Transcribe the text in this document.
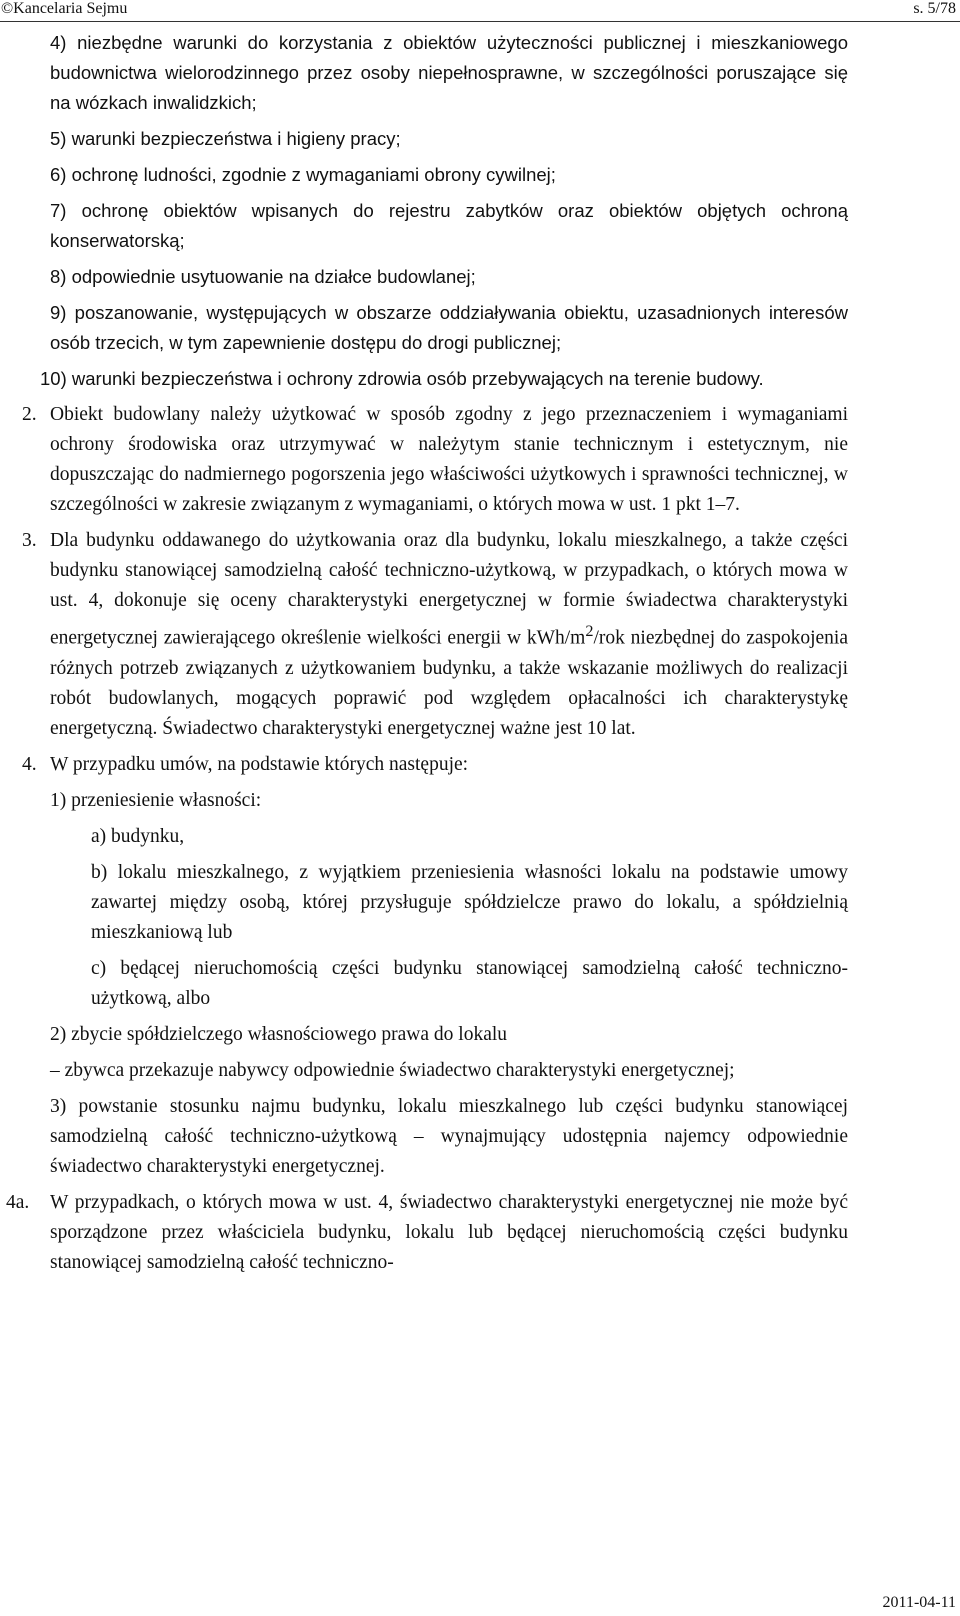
©Kancelaria Sejmu	s. 5/78
4) niezbędne warunki do korzystania z obiektów użyteczności publicznej i mieszkaniowego budownictwa wielorodzinnego przez osoby niepełnosprawne, w szczególności poruszające się na wózkach inwalidzkich;
5) warunki bezpieczeństwa i higieny pracy;
6) ochronę ludności, zgodnie z wymaganiami obrony cywilnej;
7) ochronę obiektów wpisanych do rejestru zabytków oraz obiektów objętych ochroną konserwatorską;
8) odpowiednie usytuowanie na działce budowlanej;
9) poszanowanie, występujących w obszarze oddziaływania obiektu, uzasadnionych interesów osób trzecich, w tym zapewnienie dostępu do drogi publicznej;
10) warunki bezpieczeństwa i ochrony zdrowia osób przebywających na terenie budowy.
2. Obiekt budowlany należy użytkować w sposób zgodny z jego przeznaczeniem i wymaganiami ochrony środowiska oraz utrzymywać w należytym stanie technicznym i estetycznym, nie dopuszczając do nadmiernego pogorszenia jego właściwości użytkowych i sprawności technicznej, w szczególności w zakresie związanym z wymaganiami, o których mowa w ust. 1 pkt 1–7.
3. Dla budynku oddawanego do użytkowania oraz dla budynku, lokalu mieszkalnego, a także części budynku stanowiącej samodzielną całość techniczno-użytkową, w przypadkach, o których mowa w ust. 4, dokonuje się oceny charakterystyki energetycznej w formie świadectwa charakterystyki energetycznej zawierającego określenie wielkości energii w kWh/$m^2$/rok niezbędnej do zaspokojenia różnych potrzeb związanych z użytkowaniem budynku, a także wskazanie możliwych do realizacji robót budowlanych, mogących poprawić pod względem opłacalności ich charakterystykę energetyczną. Świadectwo charakterystyki energetycznej ważne jest 10 lat.
4. W przypadku umów, na podstawie których następuje:
1) przeniesienie własności:
a) budynku,
b) lokalu mieszkalnego, z wyjątkiem przeniesienia własności lokalu na podstawie umowy zawartej między osobą, której przysługuje spółdzielcze prawo do lokalu, a spółdzielnią mieszkaniową lub
c) będącej nieruchomością części budynku stanowiącej samodzielną całość techniczno-użytkową, albo
2) zbycie spółdzielczego własnościowego prawa do lokalu
– zbywca przekazuje nabywcy odpowiednie świadectwo charakterystyki energetycznej;
3) powstanie stosunku najmu budynku, lokalu mieszkalnego lub części budynku stanowiącej samodzielną całość techniczno-użytkową – wynajmujący udostępnia najemcy odpowiednie świadectwo charakterystyki energetycznej.
4a. W przypadkach, o których mowa w ust. 4, świadectwo charakterystyki energetycznej nie może być sporządzone przez właściciela budynku, lokalu lub będącej nieruchomością części budynku stanowiącej samodzielną całość techniczno-
2011-04-11
